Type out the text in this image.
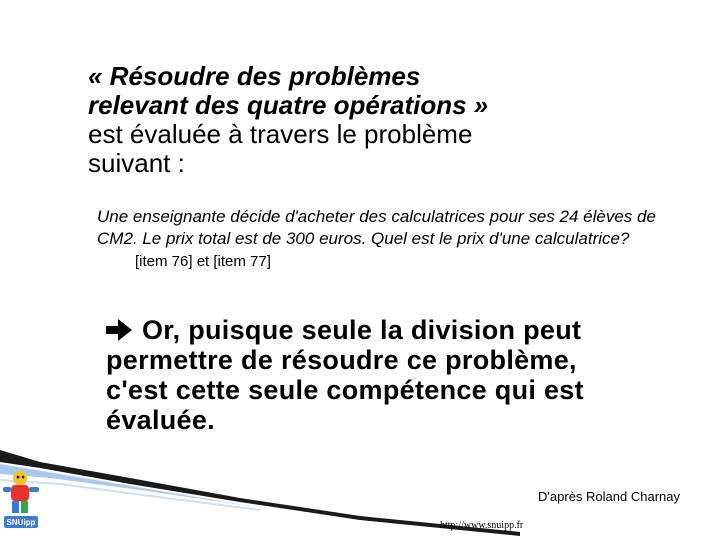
« Résoudre des problèmes
relevant des quatre opérations »
est évaluée à travers le problème
suivant :
Une enseignante décide d'acheter des calculatrices pour ses 24 élèves de CM2. Le prix total est de 300 euros. Quel est le prix d'une calculatrice? [item 76] et [item 77]
Or, puisque seule la division peut permettre de résoudre ce problème, c'est cette seule compétence qui est évaluée.
D'après Roland Charnay
http://www.snuipp.fr
SNUipp
